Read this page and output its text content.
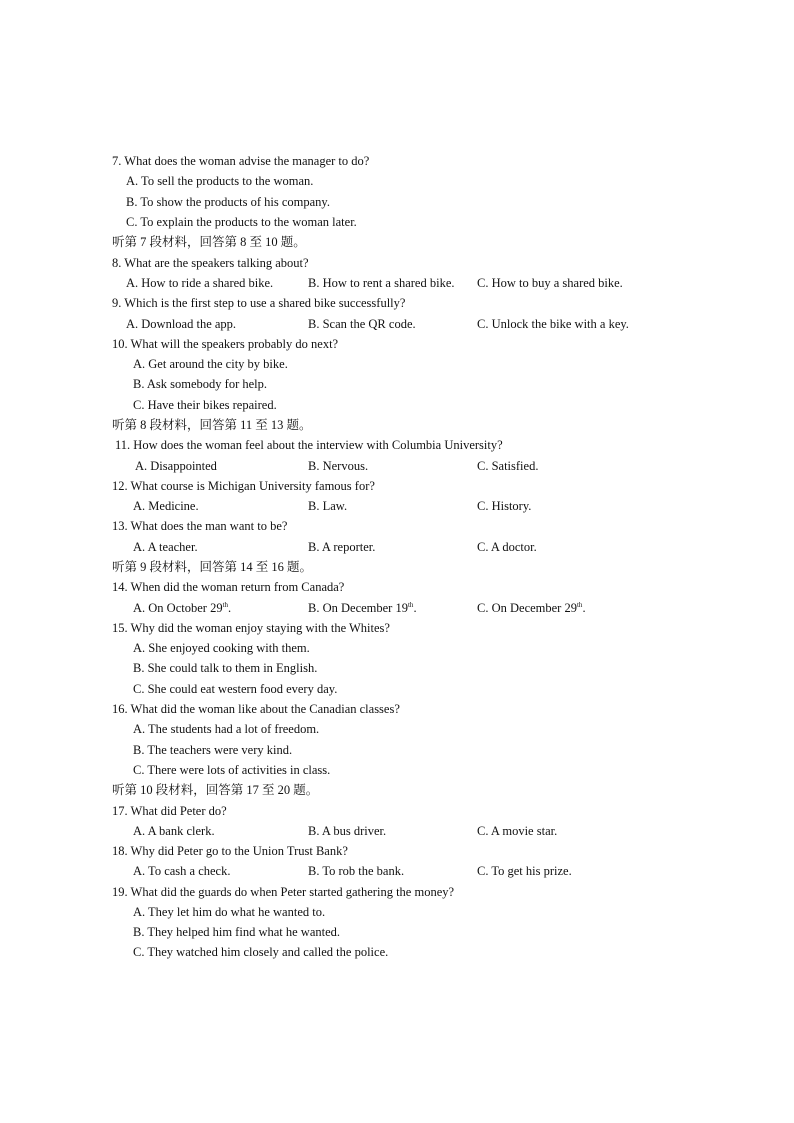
7. What does the woman advise the manager to do?
A. To sell the products to the woman.
B. To show the products of his company.
C. To explain the products to the woman later.
听第 7 段材料，回答第 8 至 10 题。
8. What are the speakers talking about?
A. How to ride a shared bike.	B. How to rent a shared bike. C. How to buy a shared bike.
9. Which is the first step to use a shared bike successfully?
A. Download the app.	B. Scan the QR code.	C. Unlock the bike with a key.
10. What will the speakers probably do next?
A. Get around the city by bike.
B. Ask somebody for help.
C. Have their bikes repaired.
听第 8 段材料，回答第 11 至 13 题。
11. How does the woman feel about the interview with Columbia University?
A. Disappointed	B. Nervous.	C. Satisfied.
12. What course is Michigan University famous for?
A. Medicine.	B. Law.	C. History.
13. What does the man want to be?
A. A teacher.	B. A reporter.	C. A doctor.
听第 9 段材料，回答第 14 至 16 题。
14. When did the woman return from Canada?
A. On October 29th.	B. On December 19th.	C. On December 29th.
15. Why did the woman enjoy staying with the Whites?
A. She enjoyed cooking with them.
B. She could talk to them in English.
C. She could eat western food every day.
16. What did the woman like about the Canadian classes?
A. The students had a lot of freedom.
B. The teachers were very kind.
C. There were lots of activities in class.
听第 10 段材料，回答第 17 至 20 题。
17. What did Peter do?
A. A bank clerk.	B. A bus driver.	C. A movie star.
18. Why did Peter go to the Union Trust Bank?
A. To cash a check.	B. To rob the bank.	C. To get his prize.
19. What did the guards do when Peter started gathering the money?
A. They let him do what he wanted to.
B. They helped him find what he wanted.
C. They watched him closely and called the police.
